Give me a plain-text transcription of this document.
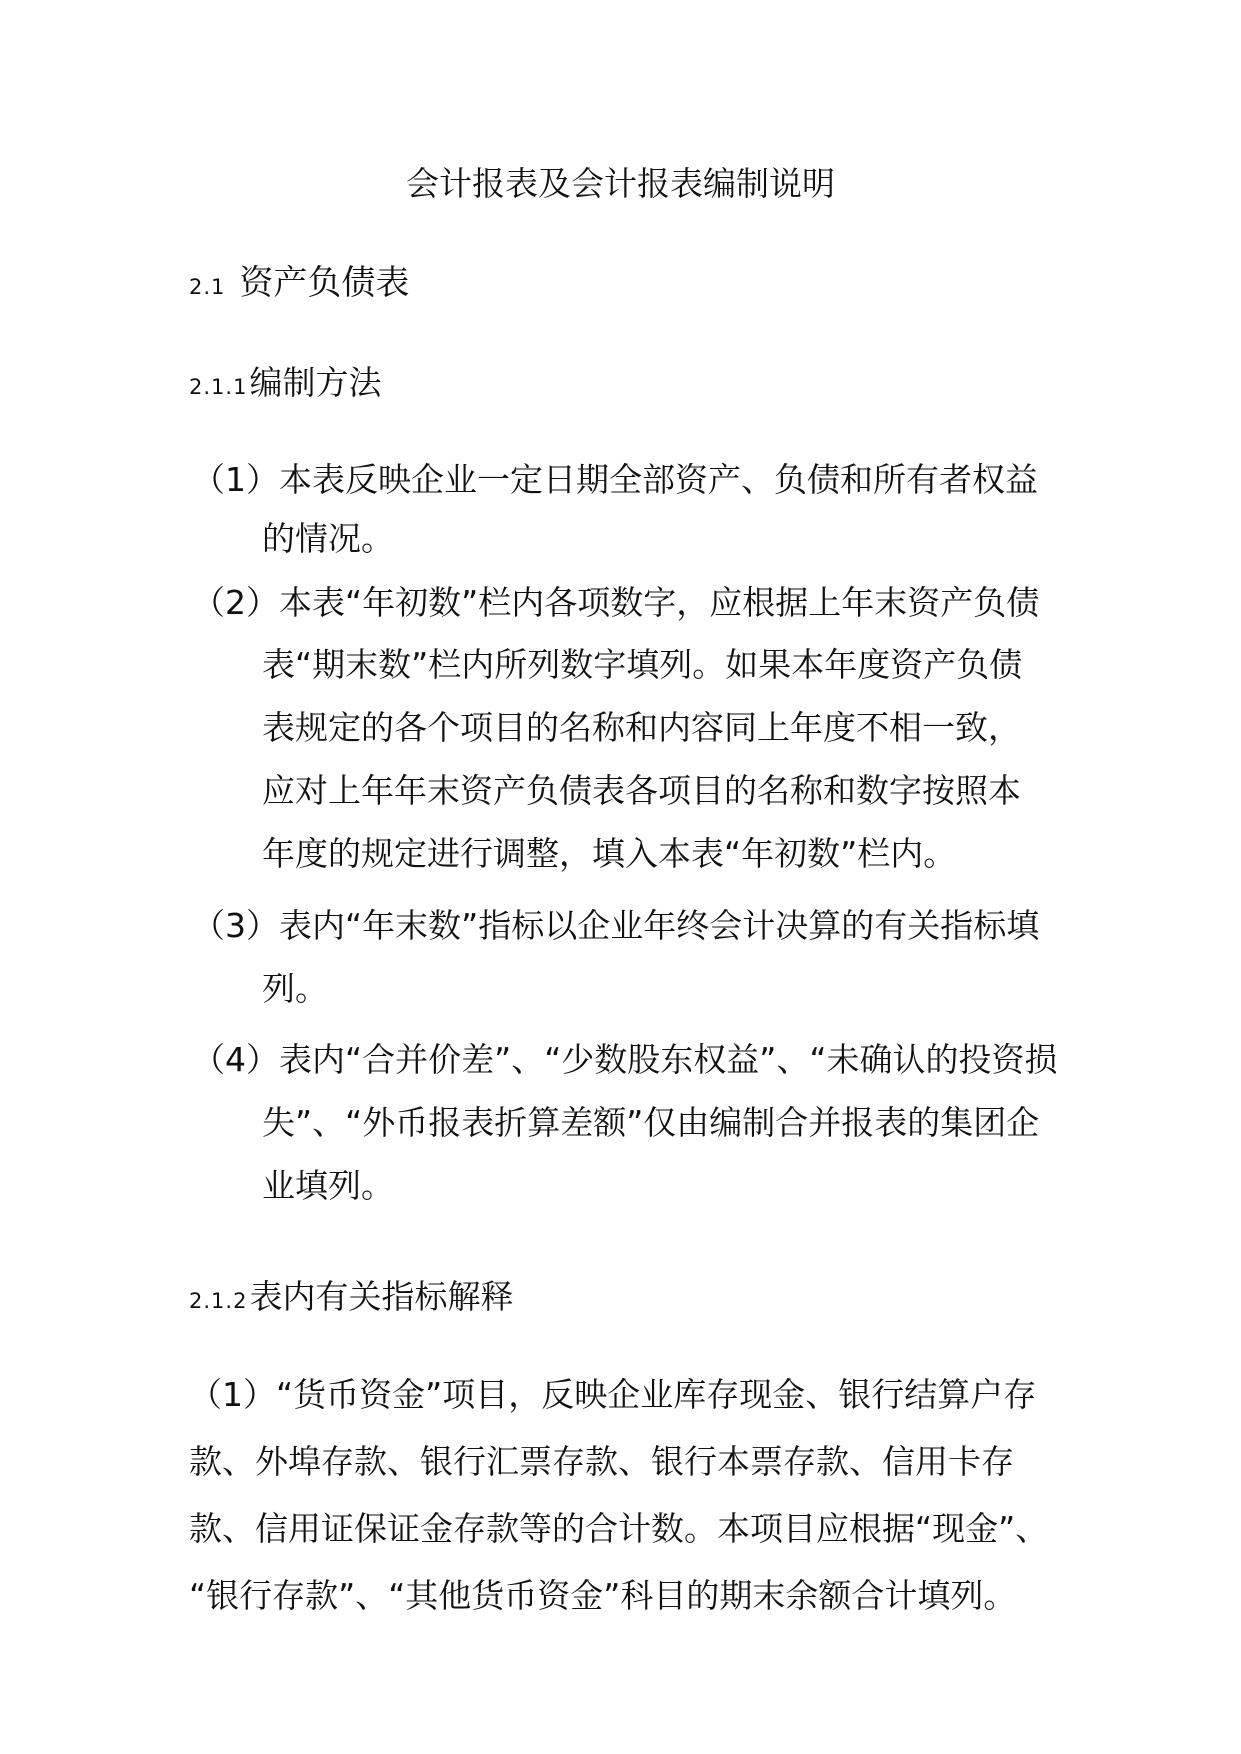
会计报表及会计报表编制说明
2.1 资产负债表
2.1.1编制方法
（1）本表反映企业一定日期全部资产、负债和所有者权益
的情况。
（2）本表“年初数”栏内各项数字，应根据上年末资产负债
表“期末数”栏内所列数字填列。如果本年度资产负债
表规定的各个项目的名称和内容同上年度不相一致，
应对上年年末资产负债表各项目的名称和数字按照本
年度的规定进行调整，填入本表“年初数”栏内。
（3）表内“年末数”指标以企业年终会计决算的有关指标填
列。
（4）表内“合并价差”、“少数股东权益”、“未确认的投资损
失”、“外币报表折算差额”仅由编制合并报表的集团企
业填列。
2.1.2表内有关指标解释
（1）“货币资金”项目，反映企业库存现金、银行结算户存
款、外埠存款、银行汇票存款、银行本票存款、信用卡存
款、信用证保证金存款等的合计数。本项目应根据“现金”、
“银行存款”、“其他货币资金”科目的期末余额合计填列。
